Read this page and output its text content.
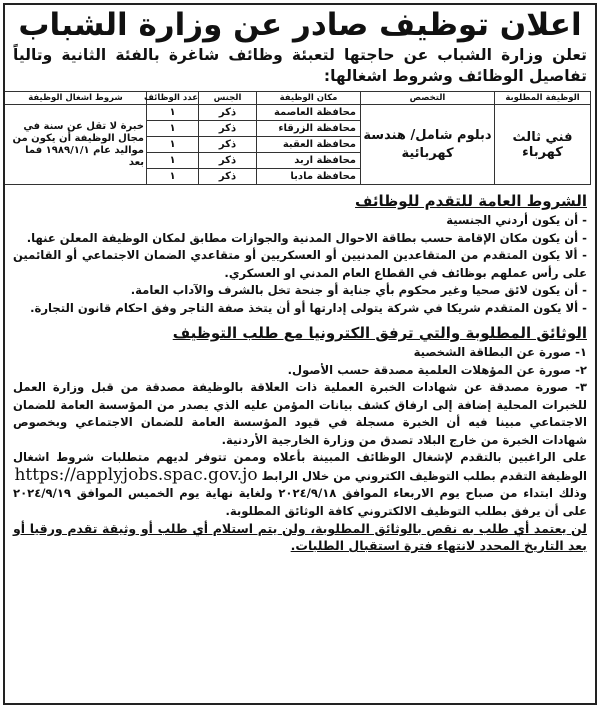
اعلان توظيف صادر عن وزارة الشباب
تعلن وزارة الشباب عن حاجتها لتعبئة وظائف شاغرة بالفئة الثانية وتالياً تفاصيل الوظائف وشروط اشغالها:
الوظيفة المطلوبة	التخصص	مكان الوظيفة	الجنس	عدد الوظائف	شروط اشغال الوظيفة
فني ثالث كهرباء	دبلوم شامل/ هندسة كهربائية	محافظة العاصمة	ذكر	١	خبرة لا تقل عن سنة في مجال الوظيفة أن يكون من مواليد عام ١٩٨٩/١/١ فما بعد
		محافظة الزرقاء	ذكر	١	
		محافظة العقبة	ذكر	١	
		محافظة اربد	ذكر	١	
		محافظة مادبا	ذكر	١	
الشروط العامة للتقدم للوظائف
- أن يكون أردني الجنسية
- أن يكون مكان الإقامة حسب بطاقة الاحوال المدنية والجوازات مطابق لمكان الوظيفة المعلن عنها.
- ألا يكون المتقدم من المتقاعدين المدنيين أو العسكريين أو متقاعدي الضمان الاجتماعي أو القائمين على رأس عملهم بوظائف في القطاع العام المدني او العسكري.
- أن يكون لائق صحيا وغير محكوم بأي جناية أو جنحة تخل بالشرف والآداب العامة.
- ألا يكون المتقدم شريكا في شركة يتولى إدارتها أو أن يتخذ صفة التاجر وفق احكام قانون التجارة.
الوثائق المطلوبة والتي ترفق الكترونيا مع طلب التوظيف
١- صورة عن البطاقة الشخصية
٢- صورة عن المؤهلات العلمية مصدقة حسب الأصول.
٣- صورة مصدقة عن شهادات الخبرة العملية ذات العلاقة بالوظيفة مصدقة من قبل وزارة العمل للخبرات المحلية إضافة إلى ارفاق كشف بيانات المؤمن عليه الذي يصدر من المؤسسة العامة للضمان الاجتماعي مبينا فيه أن الخبرة مسجلة في قيود المؤسسة العامة للضمان الاجتماعي وبخصوص شهادات الخبرة من خارج البلاد تصدق من وزارة الخارجية الأردنية.
على الراغبين بالتقدم لإشغال الوظائف المبينة بأعلاه وممن تتوفر لديهم متطلبات شروط اشغال الوظيفة التقدم بطلب التوظيف الكتروني من خلال الرابط https://applyjobs.spac.gov.jo
وذلك ابتداء من صباح يوم الاربعاء الموافق ٢٠٢٤/٩/١٨ ولغاية نهاية يوم الخميس الموافق ٢٠٢٤/٩/١٩ على أن يرفق بطلب التوظيف الالكتروني كافة الوثائق المطلوبة.
لن يعتمد أي طلب به نقص بالوثائق المطلوبة، ولن يتم استلام أي طلب أو وثيقة تقدم ورقيا أو بعد التاريخ المحدد لانتهاء فترة استقبال الطلبات.
